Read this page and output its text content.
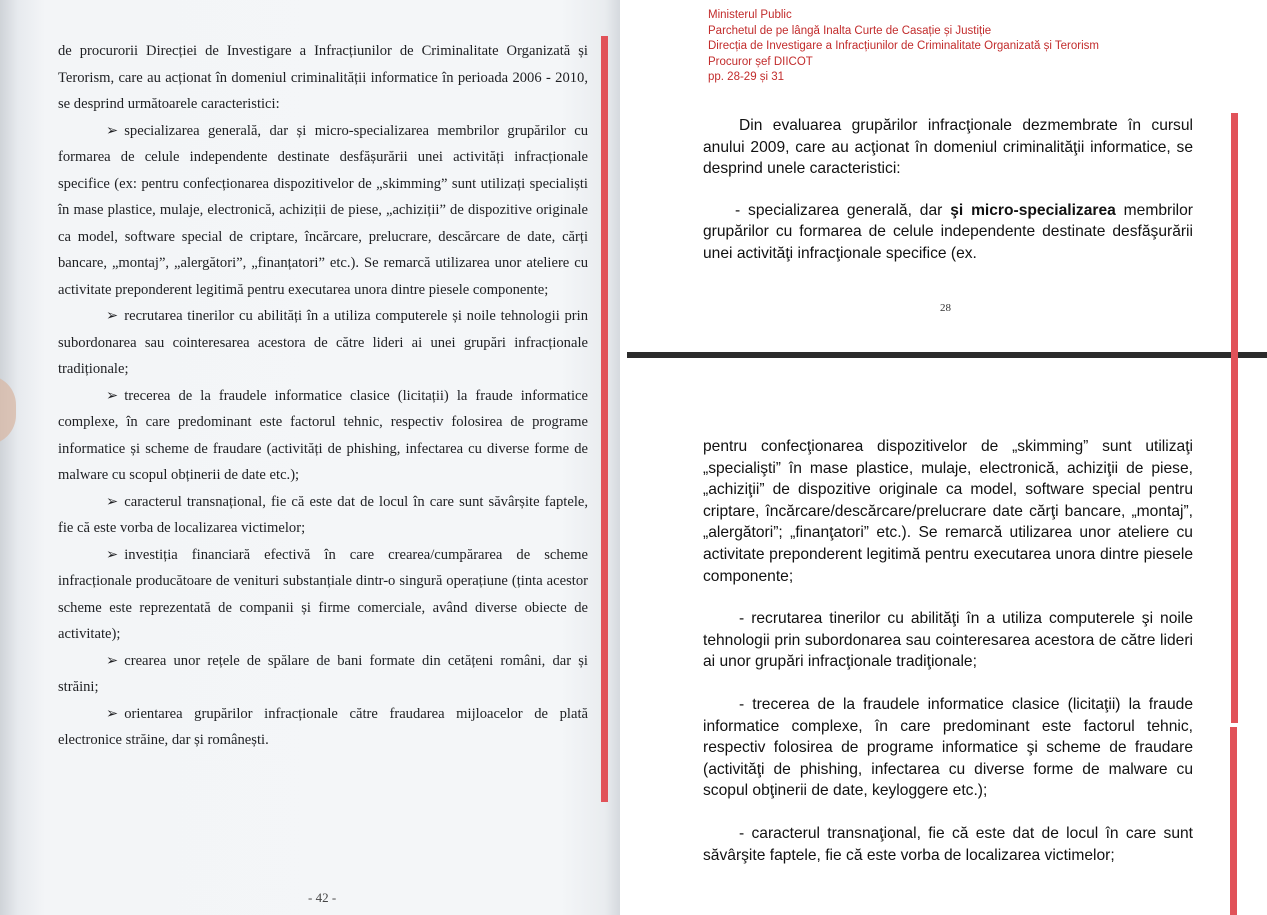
de procurorii Direcției de Investigare a Infracțiunilor de Criminalitate Organizată și Terorism, care au acționat în domeniul criminalității informatice în perioada 2006 - 2010, se desprind următoarele caracteristici:

➢ specializarea generală, dar și micro-specializarea membrilor grupărilor cu formarea de celule independente destinate desfășurării unei activități infracționale specifice (ex: pentru confecționarea dispozitivelor de „skimming” sunt utilizați specialiști în mase plastice, mulaje, electronică, achiziții de piese, „achiziții” de dispozitive originale ca model, software special de criptare, încărcare, prelucrare, descărcare de date, cărți bancare, „montaj”, „alergători”, „finanțatori” etc.). Se remarcă utilizarea unor ateliere cu activitate preponderent legitimă pentru executarea unora dintre piesele componente;

➢ recrutarea tinerilor cu abilități în a utiliza computerele și noile tehnologii prin subordonarea sau cointeresarea acestora de către lideri ai unei grupări infracționale tradiționale;

➢ trecerea de la fraudele informatice clasice (licitații) la fraude informatice complexe, în care predominant este factorul tehnic, respectiv folosirea de programe informatice și scheme de fraudare (activități de phishing, infectarea cu diverse forme de malware cu scopul obținerii de date etc.);

➢ caracterul transnațional, fie că este dat de locul în care sunt săvârșite faptele, fie că este vorba de localizarea victimelor;

➢ investiția financiară efectivă în care crearea/cumpărarea de scheme infracționale producătoare de venituri substanțiale dintr-o singură operațiune (ținta acestor scheme este reprezentată de companii și firme comerciale, având diverse obiecte de activitate);

➢ crearea unor rețele de spălare de bani formate din cetățeni români, dar și străini;

➢ orientarea grupărilor infracționale către fraudarea mijloacelor de plată electronice străine, dar și românești.

- 42 -
Ministerul Public
Parchetul de pe lângă Inalta Curte de Casație și Justiție
Direcția de Investigare a Infracțiunilor de Criminalitate Organizată și Terorism
Procuror șef DIICOT
pp. 28-29 și 31

Din evaluarea grupărilor infracţionale dezmembrate în cursul anului 2009, care au acţionat în domeniul criminalităţii informatice, se desprind unele caracteristici:

- specializarea generală, dar şi micro-specializarea membrilor grupărilor cu formarea de celule independente destinate desfăşurării unei activităţi infracţionale specifice (ex.

28

pentru confecţionarea dispozitivelor de „skimming” sunt utilizaţi „specialişti” în mase plastice, mulaje, electronică, achiziţii de piese, „achiziţii” de dispozitive originale ca model, software special pentru criptare, încărcare/descărcare/prelucrare date cărţi bancare, „montaj”, „alergători”; „finanţatori” etc.). Se remarcă utilizarea unor ateliere cu activitate preponderent legitimă pentru executarea unora dintre piesele componente;

- recrutarea tinerilor cu abilităţi în a utiliza computerele şi noile tehnologii prin subordonarea sau cointeresarea acestora de către lideri ai unor grupări infracţionale tradiţionale;

- trecerea de la fraudele informatice clasice (licitaţii) la fraude informatice complexe, în care predominant este factorul tehnic, respectiv folosirea de programe informatice şi scheme de fraudare (activităţi de phishing, infectarea cu diverse forme de malware cu scopul obţinerii de date, keyloggere etc.);

- caracterul transnaţional, fie că este dat de locul în care sunt săvârşite faptele, fie că este vorba de localizarea victimelor;
